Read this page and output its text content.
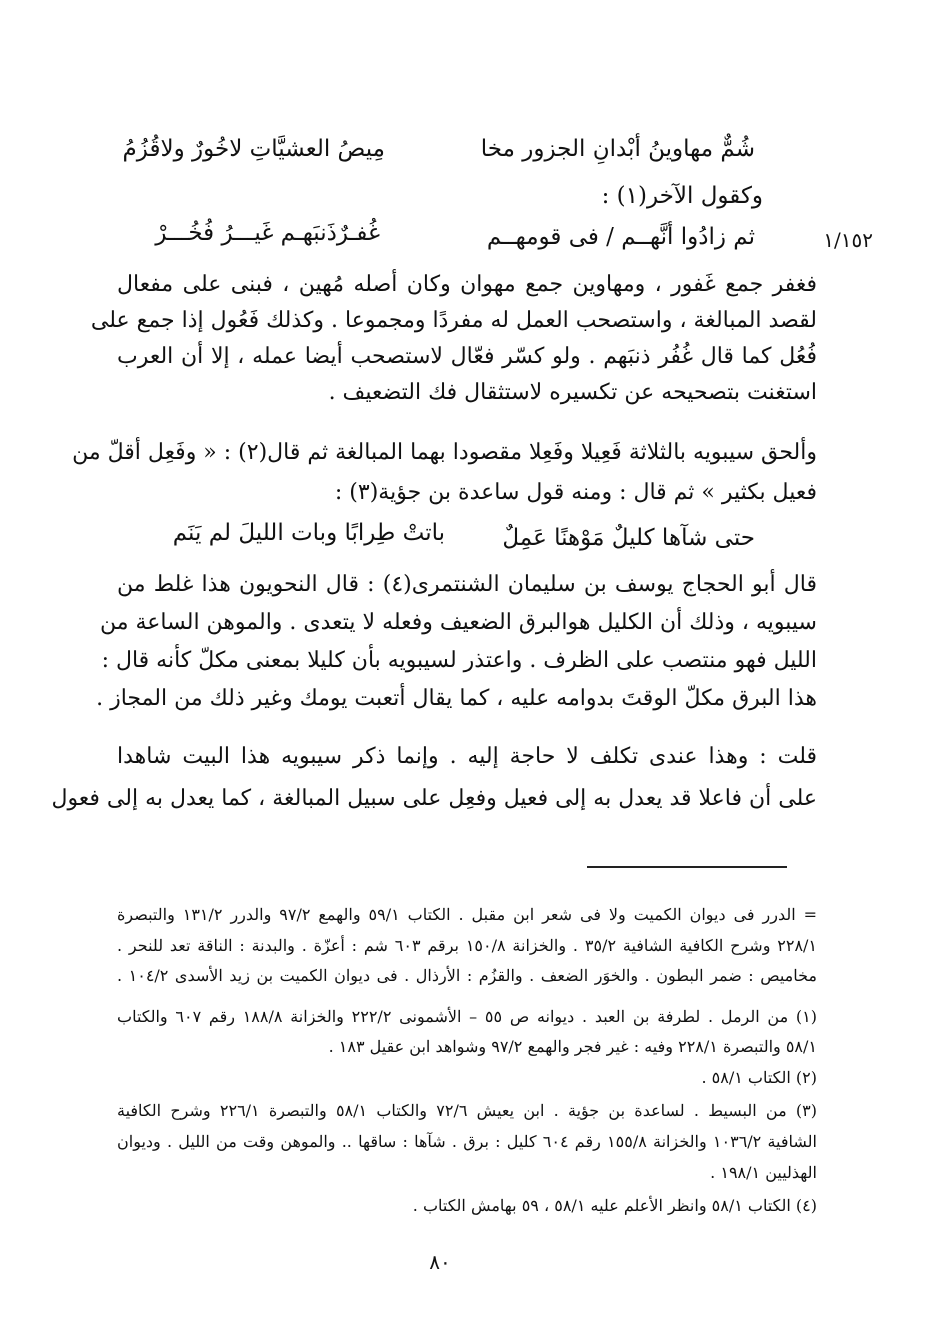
شُمٌّ مهاوينُ أبْدانِ الجزور مخا
مِيصُ العشيَّاتِ لاخُورٌ ولاقُزُمُ
وكقول الآخر(١) :
١/١٥٢
ثم زادُوا أنَّهــم / فى قومهــم
غُفـرٌذَنبَهـم غَيـــرُ فُخُـــرْ
فغفر جمع غَفور ، ومهاوين جمع مهوان وكان أصله مُهين ، فبنى على مفعال
لقصد المبالغة ، واستصحب العمل له مفردًا ومجموعا . وكذلك فَعُول إذا جمع على
فُعُل كما قال غُفُر ذنبَهم . ولو كسّر فعّال لاستصحب أيضا عمله ، إلا أن العرب
استغنت بتصحيحه عن تكسيره لاستثقال فك التضعيف .
وألحق سيبويه بالثلاثة فَعِيلا وفَعِلا مقصودا بهما المبالغة ثم قال(٢) : « وفَعِل أقلّ من
فعيل بكثير » ثم قال : ومنه قول ساعدة بن جؤية(٣) :
حتى شآها كليلٌ مَوْهنًا عَمِلٌ
باتتْ طِرابًا وبات الليلَ لم يَنَم
قال أبو الحجاج يوسف بن سليمان الشنتمرى(٤) : قال النحويون هذا غلط من
سيبويه ، وذلك أن الكليل هوالبرق الضعيف وفعله لا يتعدى . والموهن الساعة من
الليل فهو منتصب على الظرف . واعتذر لسيبويه بأن كليلا بمعنى مكلّ كأنه قال :
هذا البرق مكلّ الوقتَ بدوامه عليه ، كما يقال أتعبت يومك وغير ذلك من المجاز .
قلت : وهذا عندى تكلف لا حاجة إليه . وإنما ذكر سيبويه هذا البيت شاهدا
على أن فاعلا قد يعدل به إلى فعيل وفعِل على سبيل المبالغة ، كما يعدل به إلى فعول
= الدرر فى ديوان الكميت ولا فى شعر ابن مقبل . الكتاب ٥٩/١ والهمع ٩٧/٢ والدرر ١٣١/٢ والتبصرة
٢٢٨/١ وشرح الكافية الشافية ٣٥/٢ . والخزانة ١٥٠/٨ برقم ٦٠٣ شم : أعزّة . والبدنة : الناقة تعد للنحر .
مخاميص : ضمر البطون . والخوَر الضعف . والقزُم : الأرذال . فى ديوان الكميت بن زيد الأسدى ١٠٤/٢ .
(١) من الرمل . لطرفة بن العبد . ديوانه ص ٥٥ – الأشمونى ٢٢٢/٢ والخزانة ١٨٨/٨ رقم ٦٠٧ والكتاب
٥٨/١ والتبصرة ٢٢٨/١ وفيه : غير فجر والهمع ٩٧/٢ وشواهد ابن عقيل ١٨٣ .
(٢) الكتاب ٥٨/١ .
(٣) من البسيط . لساعدة بن جؤية . ابن يعيش ٧٢/٦ والكتاب ٥٨/١ والتبصرة ٢٢٦/١ وشرح الكافية
الشافية ١٠٣٦/٢ والخزانة ١٥٥/٨ رقم ٦٠٤ كليل : برق . شآها : ساقها .. والموهن وقت من الليل . وديوان
الهذليين ١٩٨/١ .
(٤) الكتاب ٥٨/١ وانظر الأعلم عليه ٥٨/١ ، ٥٩ بهامش الكتاب .
٨٠
